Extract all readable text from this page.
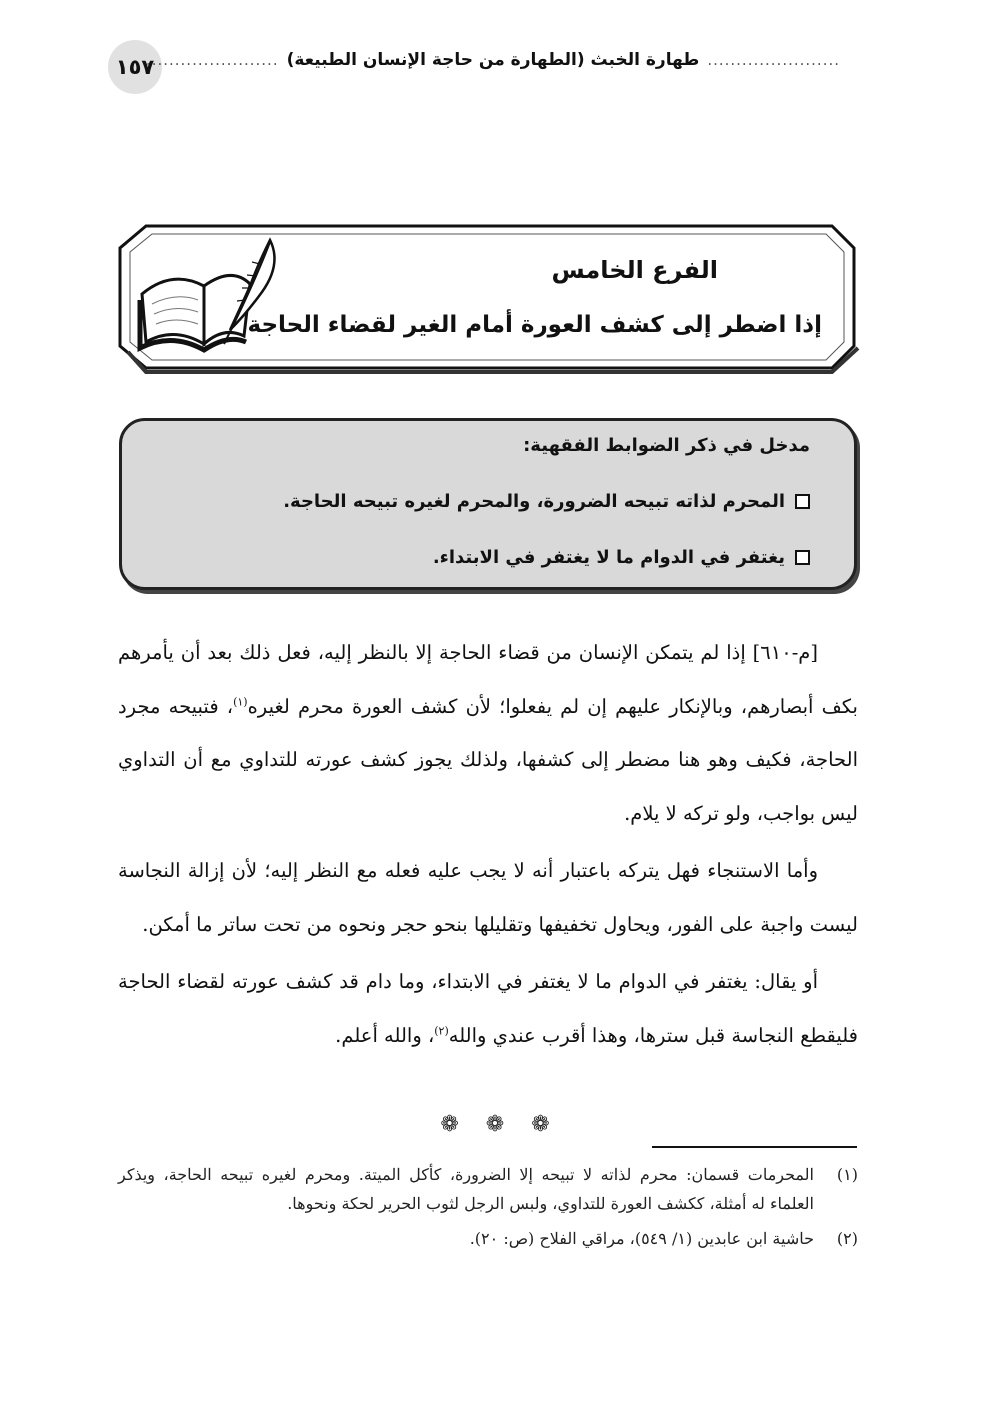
١٥٧	.......................
طهارة الخبث (الطهارة من حاجة الإنسان الطبيعة)
.......................
الفرع الخامس
إذا اضطر إلى كشف العورة أمام الغير لقضاء الحاجة
مدخل في ذكر الضوابط الفقهية:
المحرم لذاته تبيحه الضرورة، والمحرم لغيره تبيحه الحاجة.
يغتفر في الدوام ما لا يغتفر في الابتداء.

[م-٦١٠] إذا لم يتمكن الإنسان من قضاء الحاجة إلا بالنظر إليه، فعل ذلك بعد أن يأمرهم بكف أبصارهم، وبالإنكار عليهم إن لم يفعلوا؛ لأن كشف العورة محرم لغيره$^{(١)}$، فتبيحه مجرد الحاجة، فكيف وهو هنا مضطر إلى كشفها، ولذلك يجوز كشف عورته للتداوي مع أن التداوي ليس بواجب، ولو تركه لا يلام.

وأما الاستنجاء فهل يتركه باعتبار أنه لا يجب عليه فعله مع النظر إليه؛ لأن إزالة النجاسة ليست واجبة على الفور، ويحاول تخفيفها وتقليلها بنحو حجر ونحوه من تحت ساتر ما أمكن.

أو يقال: يغتفر في الدوام ما لا يغتفر في الابتداء، وما دام قد كشف عورته لقضاء الحاجة فليقطع النجاسة قبل سترها، وهذا أقرب عندي والله$^{(٢)}$، والله أعلم.

❁ ❁ ❁
(١)
المحرمات قسمان: محرم لذاته لا تبيحه إلا الضرورة، كأكل الميتة. ومحرم لغيره تبيحه الحاجة، ويذكر العلماء له أمثلة، ككشف العورة للتداوي، ولبس الرجل لثوب الحرير لحكة ونحوها.
(٢)
حاشية ابن عابدين (١/ ٥٤٩)، مراقي الفلاح (ص: ٢٠).
